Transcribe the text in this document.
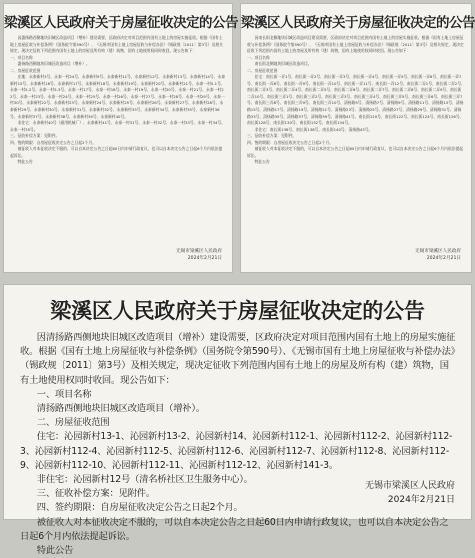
梁溪区人民政府关于房屋征收决定的公告

因惠扬路西侧地块旧城区改造项目（增补）建设需要，区政府决定对项目范围内国有土地上的房屋实施征收。根据《国有土地上房屋征收与补偿条例》（国务院令第590号）、《无锡市国有土地上房屋征收与补偿办法》（锡政规〔2011〕第3号）及相关规定，现决定征收下列范围内国有土地上的房屋及所有构（建）筑物，国有土地使用权同时收回。现公告如下：

一、项目名称

惠扬路西侧地块旧城区改造项目（增补）。

二、房屋征收范围

庄地：永泰新村3号、永泰一村24号、永泰新村9号、永泰新村11号、永泰新村12号、永泰新村13号、永泰新村14号、永泰新村15号、永泰新村16号、永泰新村17号、永泰新村18号、永泰新村19号、永泰新村20号、永泰新村21号、永泰一村5-1号、永泰一村5-2号、永泰一村5-3号、永泰一村17号、永泰一村18号、永泰一村19号、永泰一村20号、永泰一村21号、永泰一村22号、永泰一村23号、永泰一村24号、永泰一村25号、永泰一村26号、永泰一村27号、永泰一村28号、永泰一村29号、永泰一村30号、永泰新村22号、永泰新村23号、永泰新村24号、永泰新村25号、永泰新村26号、永泰新村27号、永泰新村28号、永泰新村29号、永泰新村30号、永泰新村31号、永泰新村32号、永泰新村33号、永泰新村34号、永泰新村35号、永泰新村36号、永泰新村37号、永泰新村38号、永泰新村39号、永泰新村40号。

非住宅：永泰新村40号（通用机械厂）、永泰新村41号、永泰一村31号、永泰一村32号、永泰一村33号、永泰一村34号、永泰一村35号。

三、征收补偿方案：见附件。

四、签约期限：自房屋征收决定公告之日起2个月。

被征收人对本征收决定不服的，可以自本决定公告之日起60日内申请行政复议，也可以自本决定公告之日起6个月内依法提起诉讼。

特此公告

无锡市梁溪区人民政府
2024年2月21日
梁溪区人民政府关于房屋征收决定的公告

因南长街北侧地块旧城区改造项目建设需要，区政府决定对项目范围内国有土地上的房屋实施征收。根据《国有土地上房屋征收与补偿条例》（国务院令第590号）、《无锡市国有土地上房屋征收与补偿办法》（锡政规〔2011〕第3号）及相关规定，现决定征收下列范围内国有土地上的房屋及所有构（建）筑物，国有土地使用权同时收回。现公告如下：

一、项目名称

南长街北侧地块旧城区改造项目。

二、房屋征收范围

住宅：南长街一弄1号、南长街一弄2号、南长街一弄3号、南长街一弄4号、南长街一弄5号、南长街一弄6号、南长街一弄7号、南长街一弄8号、南长街一弄9号、南长街一弄10号、南长街一弄11号、南长街一弄12号、南长街二弄1号、南长街二弄2号、南长街二弄3号、南长街二弄4号、南长街二弄5号、南长街二弄6号、南长街二弄7号、南长街二弄8号、南长街二弄9号、南长街二弄10号、南长街三弄1号、南长街三弄2号、南长街三弄3号、南长街三弄4号、南长街三弄5号、南长街三弄6号、南长街三弄7号、南长街三弄8号、南长街三弄9号、南长街三弄10号、清扬路5号、清扬路7号、清扬路9号、清扬路11号、清扬路13号、清扬路15号、清扬路17号、清扬路19号、清扬路21号、清扬路23号、清扬路25号、清扬路27号、清扬路29号、清扬路31号、清扬路33号、清扬路35号、清扬路37号、清扬路39号、清扬路41号、南长街120号、南长街122号、南长街124号、南长街126号、南长街128号、南长街130号、南长街132号、南长街134号。

非住宅：南长街136号、南长街138号、南长街140号、清扬路43号。

三、征收补偿方案：见附件。

四、签约期限：自房屋征收决定公告之日起2个月。

被征收人对本征收决定不服的，可以自本决定公告之日起60日内申请行政复议，也可以自本决定公告之日起6个月内依法提起诉讼。

特此公告

无锡市梁溪区人民政府
2024年2月21日
梁溪区人民政府关于房屋征收决定的公告

因清扬路西侧地块旧城区改造项目（增补）建设需要，区政府决定对项目范围内国有土地上的房屋实施征收。根据《国有土地上房屋征收与补偿条例》（国务院令第590号）、《无锡市国有土地上房屋征收与补偿办法》（锡政规〔2011〕第3号）及相关规定，现决定征收下列范围内国有土地上的房屋及所有构（建）筑物，国有土地使用权同时收回。现公告如下：

一、项目名称

清扬路西侧地块旧城区改造项目（增补）。

二、房屋征收范围

住宅：沁园新村13-1、沁园新村13-2、沁园新村14、沁园新村112-1、沁园新村112-2、沁园新村112-3、沁园新村112-4、沁园新村112-5、沁园新村112-6、沁园新村112-7、沁园新村112-8、沁园新村112-9、沁园新村112-10、沁园新村112-11、沁园新村112-12、沁园新村141-3。

非住宅：沁园新村12号（清名桥社区卫生服务中心）。

三、征收补偿方案：见附件。

四、签约期限：自房屋征收决定公告之日起2个月。

被征收人对本征收决定不服的，可以自本决定公告之日起60日内申请行政复议，也可以自本决定公告之日起6个月内依法提起诉讼。

特此公告

无锡市梁溪区人民政府
2024年2月21日
